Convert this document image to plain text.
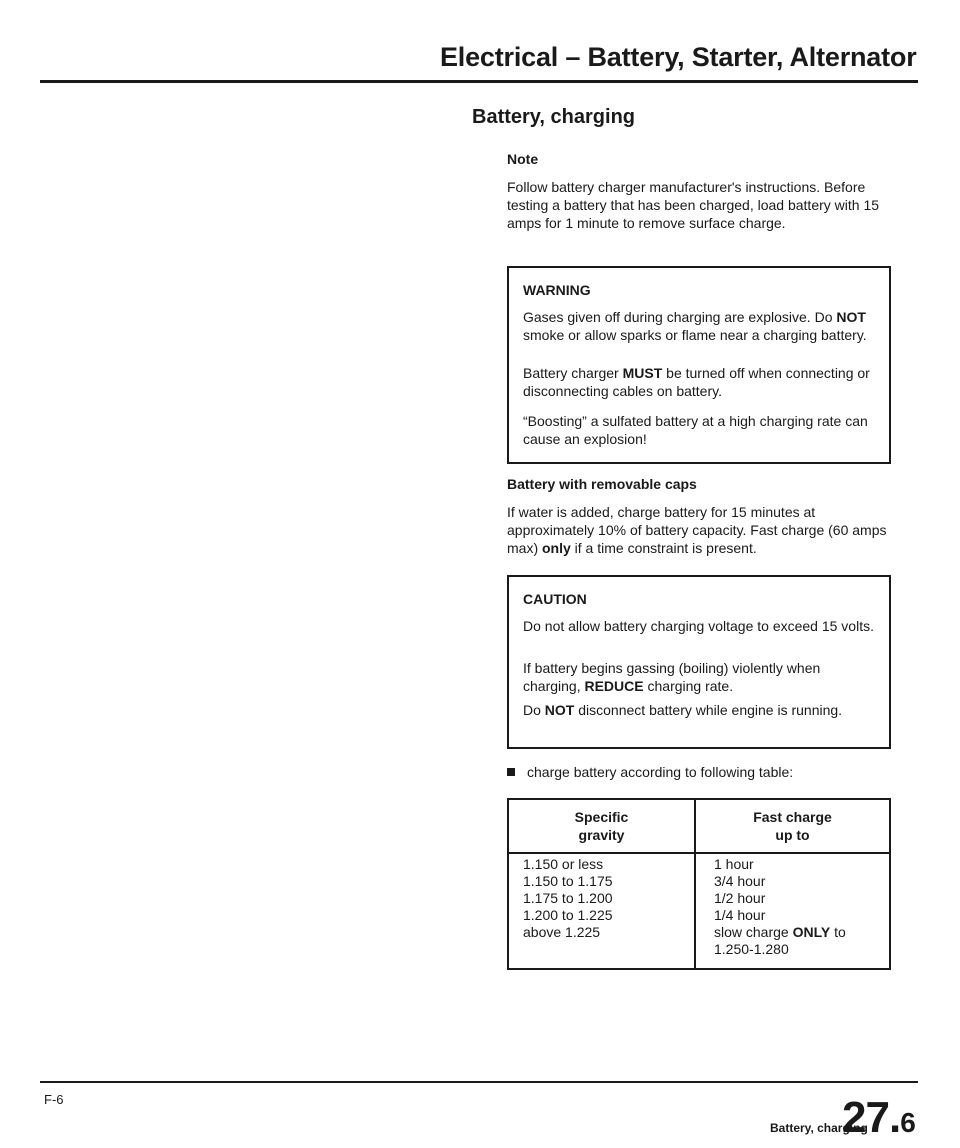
Electrical – Battery, Starter, Alternator
Battery, charging
Note
Follow battery charger manufacturer's instructions. Before testing a battery that has been charged, load battery with 15 amps for 1 minute to remove surface charge.
WARNING
Gases given off during charging are explosive. Do NOT smoke or allow sparks or flame near a charging battery.
Battery charger MUST be turned off when connecting or disconnecting cables on battery.
“Boosting” a sulfated battery at a high charging rate can cause an explosion!
Battery with removable caps
If water is added, charge battery for 15 minutes at approximately 10% of battery capacity. Fast charge (60 amps max) only if a time constraint is present.
CAUTION
Do not allow battery charging voltage to exceed 15 volts.
If battery begins gassing (boiling) violently when charging, REDUCE charging rate.
Do NOT disconnect battery while engine is running.
charge battery according to following table:
Specific
gravity
Fast charge
up to
1.150 or less
1.150 to 1.175
1.175 to 1.200
1.200 to 1.225
above 1.225
1 hour
3/4 hour
1/2 hour
1/4 hour
slow charge ONLY to
1.250-1.280
F-6
Battery, charging
27.6
